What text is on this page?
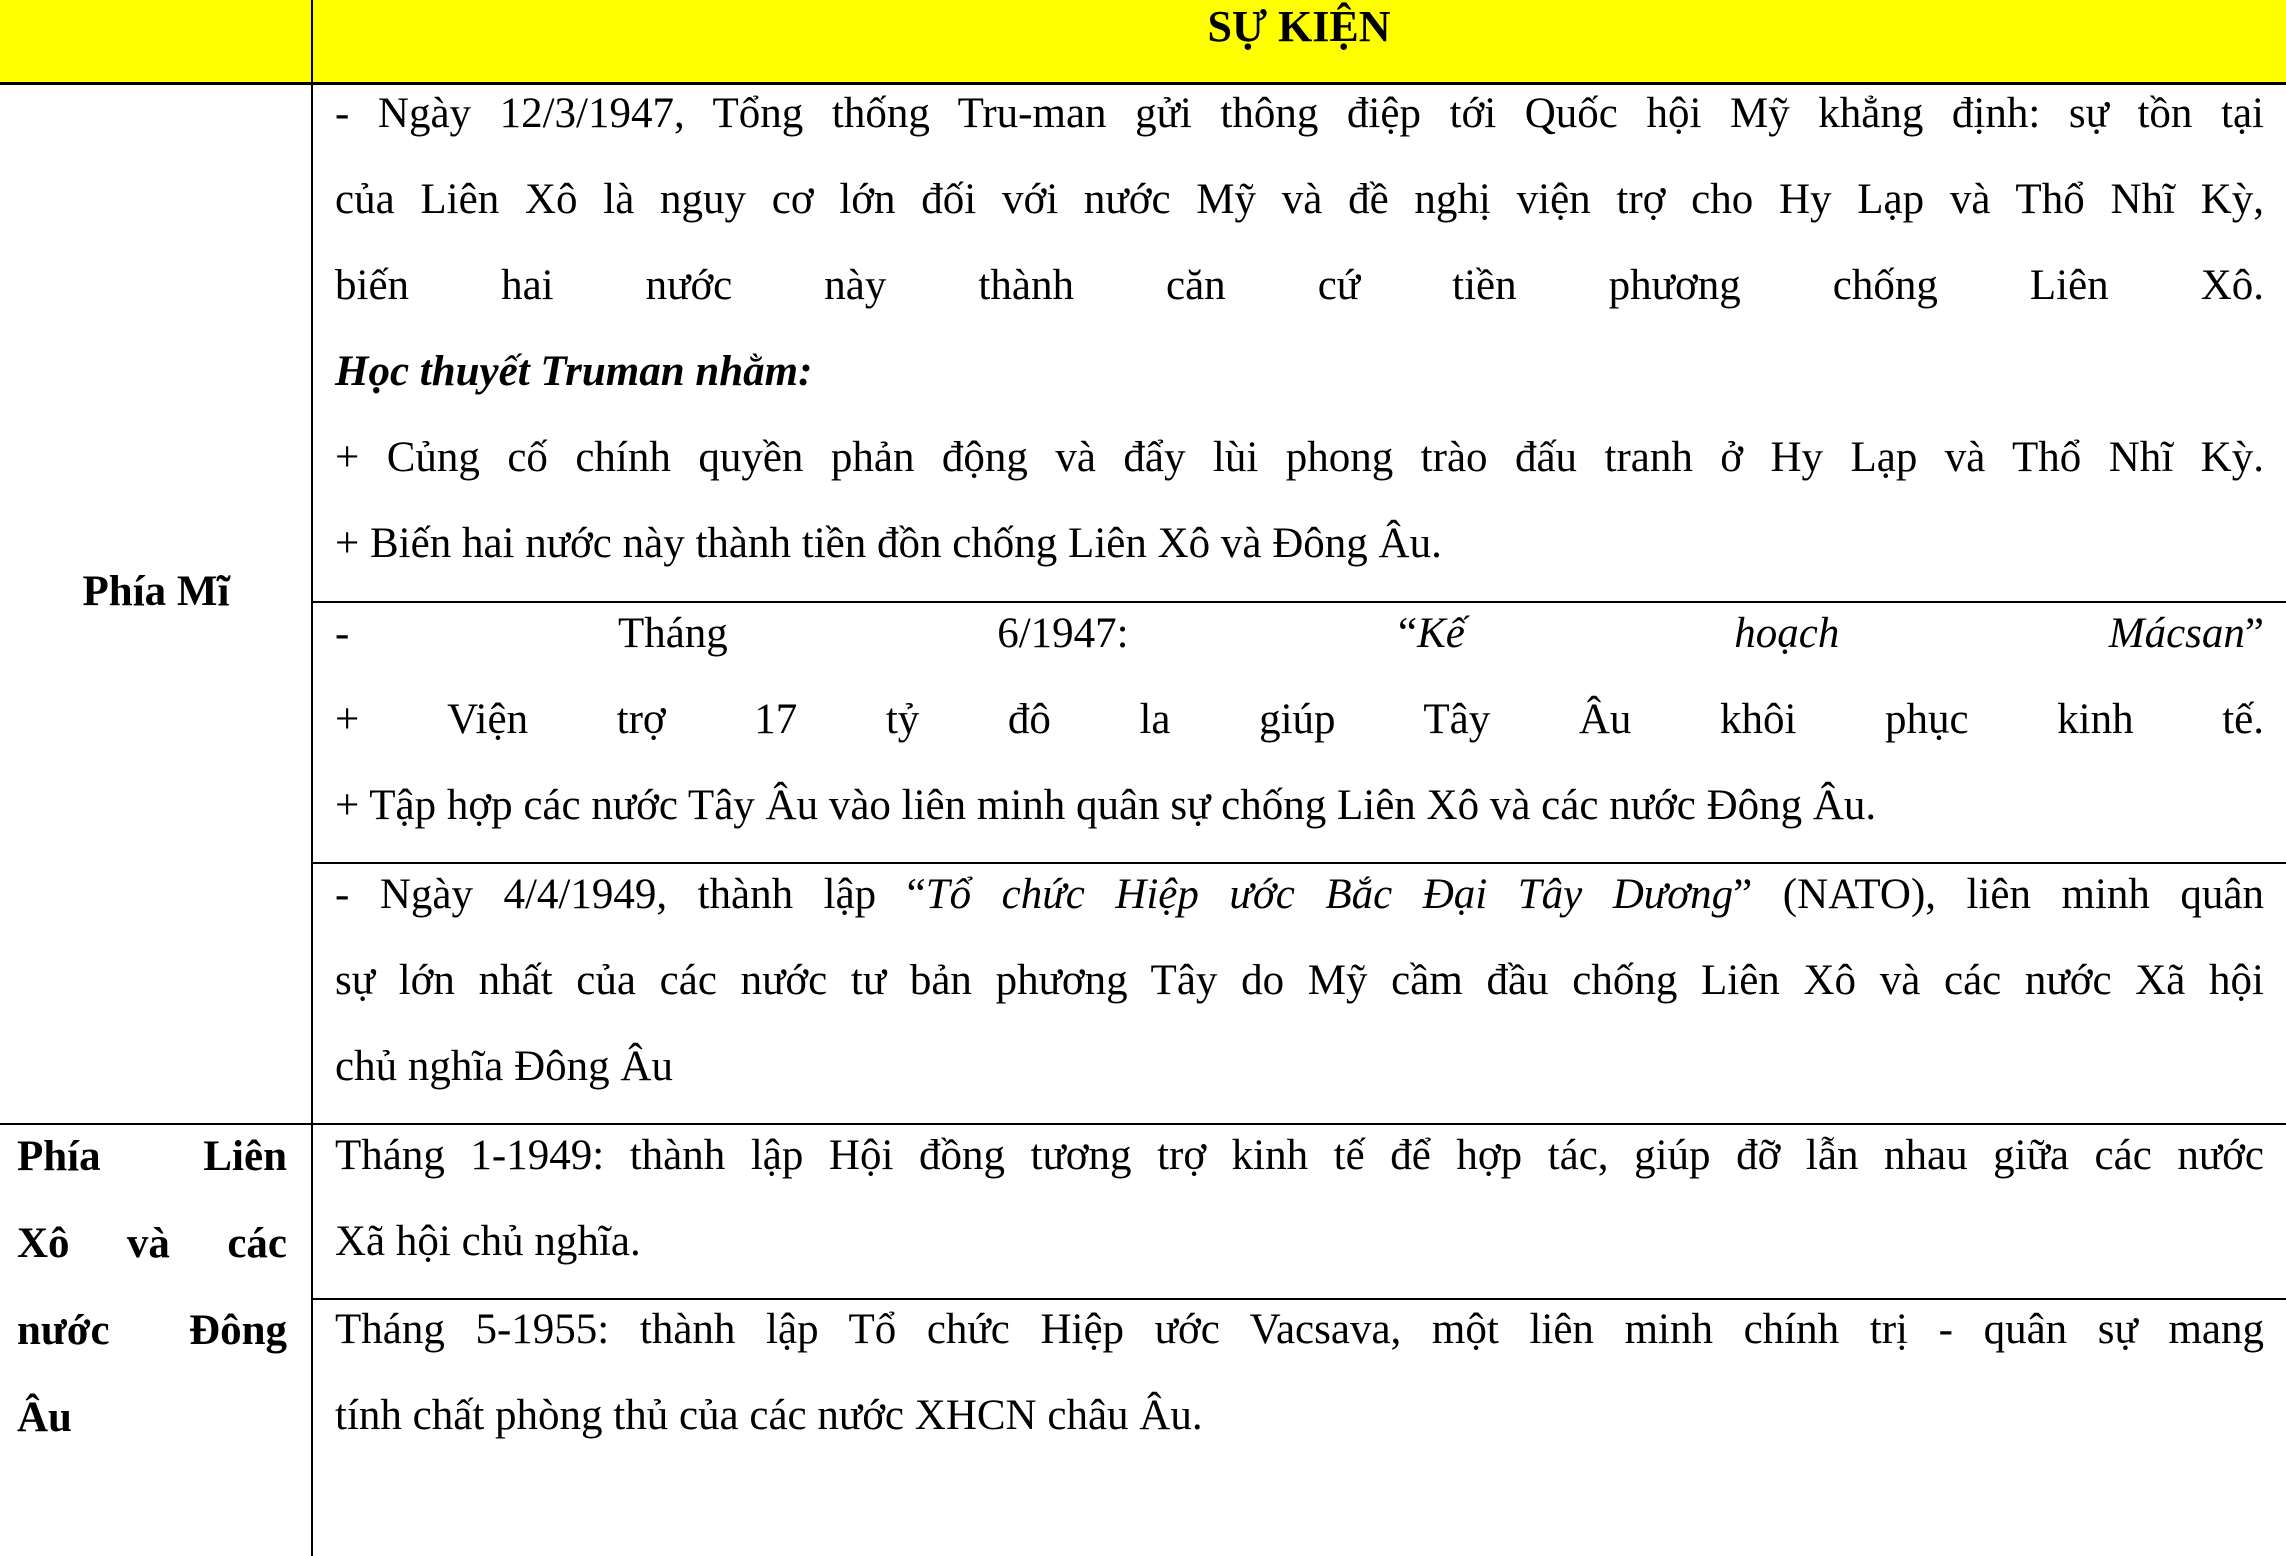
SỰ KIỆN
Phía Mĩ
Phía Liên
Xô và các
nước Đông
Âu
- Ngày 12/3/1947, Tổng thống Tru-man gửi thông điệp tới Quốc hội Mỹ khẳng định: sự tồn tại
của Liên Xô là nguy cơ lớn đối với nước Mỹ và đề nghị viện trợ cho Hy Lạp và Thổ Nhĩ Kỳ,
biến hai nước này thành căn cứ tiền phương chống Liên Xô.
Học thuyết Truman nhằm:
+ Củng cố chính quyền phản động và đẩy lùi phong trào đấu tranh ở Hy Lạp và Thổ Nhĩ Kỳ.
+ Biến hai nước này thành tiền đồn chống Liên Xô và Đông Âu.
- Tháng 6/1947: “Kế hoạch Mácsan”
+ Viện trợ 17 tỷ đô la giúp Tây Âu khôi phục kinh tế.
+ Tập hợp các nước Tây Âu vào liên minh quân sự chống Liên Xô và các nước Đông Âu.
- Ngày 4/4/1949, thành lập “Tổ chức Hiệp ước Bắc Đại Tây Dương” (NATO), liên minh quân
sự lớn nhất của các nước tư bản phương Tây do Mỹ cầm đầu chống Liên Xô và các nước Xã hội
chủ nghĩa Đông Âu
Tháng 1-1949: thành lập Hội đồng tương trợ kinh tế để hợp tác, giúp đỡ lẫn nhau giữa các nước
Xã hội chủ nghĩa.
Tháng 5-1955: thành lập Tổ chức Hiệp ước Vacsava, một liên minh chính trị - quân sự mang
tính chất phòng thủ của các nước XHCN châu Âu.
